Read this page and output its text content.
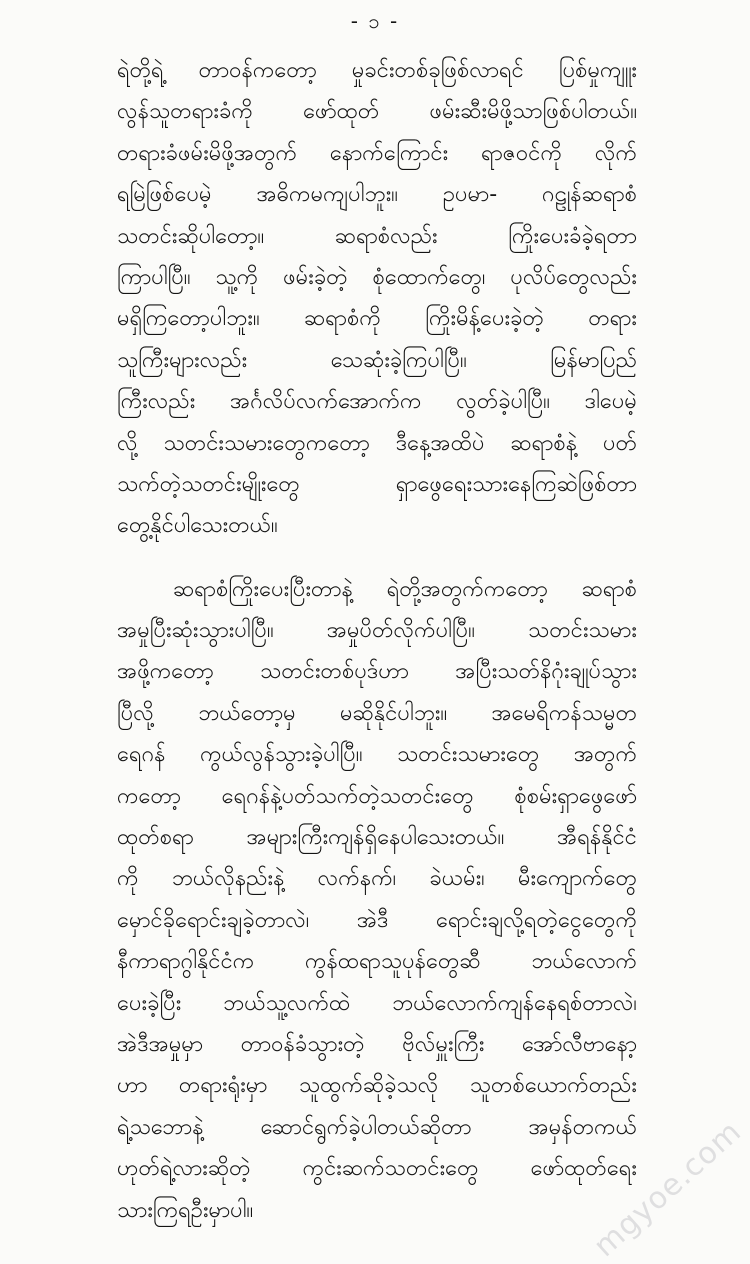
- ၁ -
ရဲတို့ရဲ့ တာဝန်ကတော့ မှုခင်းတစ်ခုဖြစ်လာရင် ပြစ်မှုကျူး
လွန်သူတရားခံကို ဖော်ထုတ် ဖမ်းဆီးမိဖို့သာဖြစ်ပါတယ်။
တရားခံဖမ်းမိဖို့အတွက် နောက်ကြောင်း ရာဇဝင်ကို လိုက်
ရမြဲဖြစ်ပေမဲ့ အဓိကမကျပါဘူး။ ဥပမာ- ဂဠုန်ဆရာစံ
သတင်းဆိုပါတော့။ ဆရာစံလည်း ကြိုးပေးခံခဲ့ရတာ
ကြာပါပြီ။ သူ့ကို ဖမ်းခဲ့တဲ့ စုံထောက်တွေ၊ ပုလိပ်တွေလည်း
မရှိကြတော့ပါဘူး။ ဆရာစံကို ကြိုးမိန့်ပေးခဲ့တဲ့ တရား
သူကြီးများလည်း သေဆုံးခဲ့ကြပါပြီ။ မြန်မာပြည်
ကြီးလည်း အင်္ဂလိပ်လက်အောက်က လွတ်ခဲ့ပါပြီ။ ဒါပေမဲ့
လို့ သတင်းသမားတွေကတော့ ဒီနေ့အထိပဲ ဆရာစံနဲ့ ပတ်
သက်တဲ့သတင်းမျိုးတွေ ရှာဖွေရေးသားနေကြဆဲဖြစ်တာ
တွေ့နိုင်ပါသေးတယ်။
ဆရာစံကြိုးပေးပြီးတာနဲ့ ရဲတို့အတွက်ကတော့ ဆရာစံ
အမှုပြီးဆုံးသွားပါပြီ။ အမှုပိတ်လိုက်ပါပြီ။ သတင်းသမား
အဖို့ကတော့ သတင်းတစ်ပုဒ်ဟာ အပြီးသတ်နိဂုံးချုပ်သွား
ပြီလို့ ဘယ်တော့မှ မဆိုနိုင်ပါဘူး။ အမေရိကန်သမ္မတ
ရေဂန် ကွယ်လွန်သွားခဲ့ပါပြီ။ သတင်းသမားတွေ အတွက်
ကတော့ ရေဂန်နဲ့ပတ်သက်တဲ့သတင်းတွေ စုံစမ်းရှာဖွေဖော်
ထုတ်စရာ အများကြီးကျန်ရှိနေပါသေးတယ်။ အီရန်နိုင်ငံ
ကို ဘယ်လိုနည်းနဲ့ လက်နက်၊ ခဲယမ်း၊ မီးကျောက်တွေ
မှောင်ခိုရောင်းချခဲ့တာလဲ၊ အဲဒီ ရောင်းချလို့ရတဲ့ငွေတွေကို
နီကာရာဂွါနိုင်ငံက ကွန်ထရာသူပုန်တွေဆီ ဘယ်လောက်
ပေးခဲ့ပြီး ဘယ်သူ့လက်ထဲ ဘယ်လောက်ကျန်နေရစ်တာလဲ၊
အဲဒီအမှုမှာ တာဝန်ခံသွားတဲ့ ဗိုလ်မှူးကြီး အော်လီဗာနော့
ဟာ တရားရုံးမှာ သူထွက်ဆိုခဲ့သလို သူတစ်ယောက်တည်း
ရဲ့သဘောနဲ့ ဆောင်ရွက်ခဲ့ပါတယ်ဆိုတာ အမှန်တကယ်
ဟုတ်ရဲ့လားဆိုတဲ့ ကွင်းဆက်သတင်းတွေ ဖော်ထုတ်ရေး
သားကြရဦးမှာပါ။	mgyoe.com
